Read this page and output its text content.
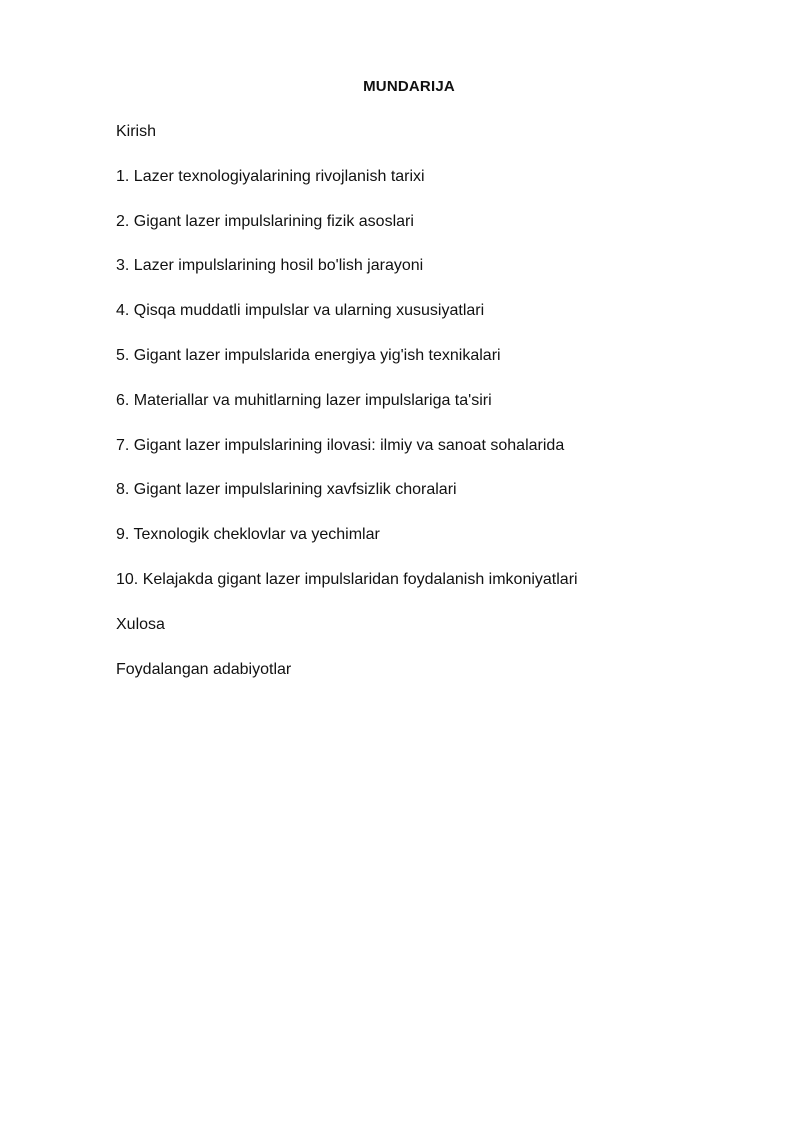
MUNDARIJA
Kirish
1. Lazer texnologiyalarining rivojlanish tarixi
2. Gigant lazer impulslarining fizik asoslari
3. Lazer impulslarining hosil bo'lish jarayoni
4. Qisqa muddatli impulslar va ularning xususiyatlari
5. Gigant lazer impulslarida energiya yig'ish texnikalari
6. Materiallar va muhitlarning lazer impulslariga ta'siri
7. Gigant lazer impulslarining ilovasi: ilmiy va sanoat sohalarida
8. Gigant lazer impulslarining xavfsizlik choralari
9. Texnologik cheklovlar va yechimlar
10. Kelajakda gigant lazer impulslaridan foydalanish imkoniyatlari
Xulosa
Foydalangan adabiyotlar
